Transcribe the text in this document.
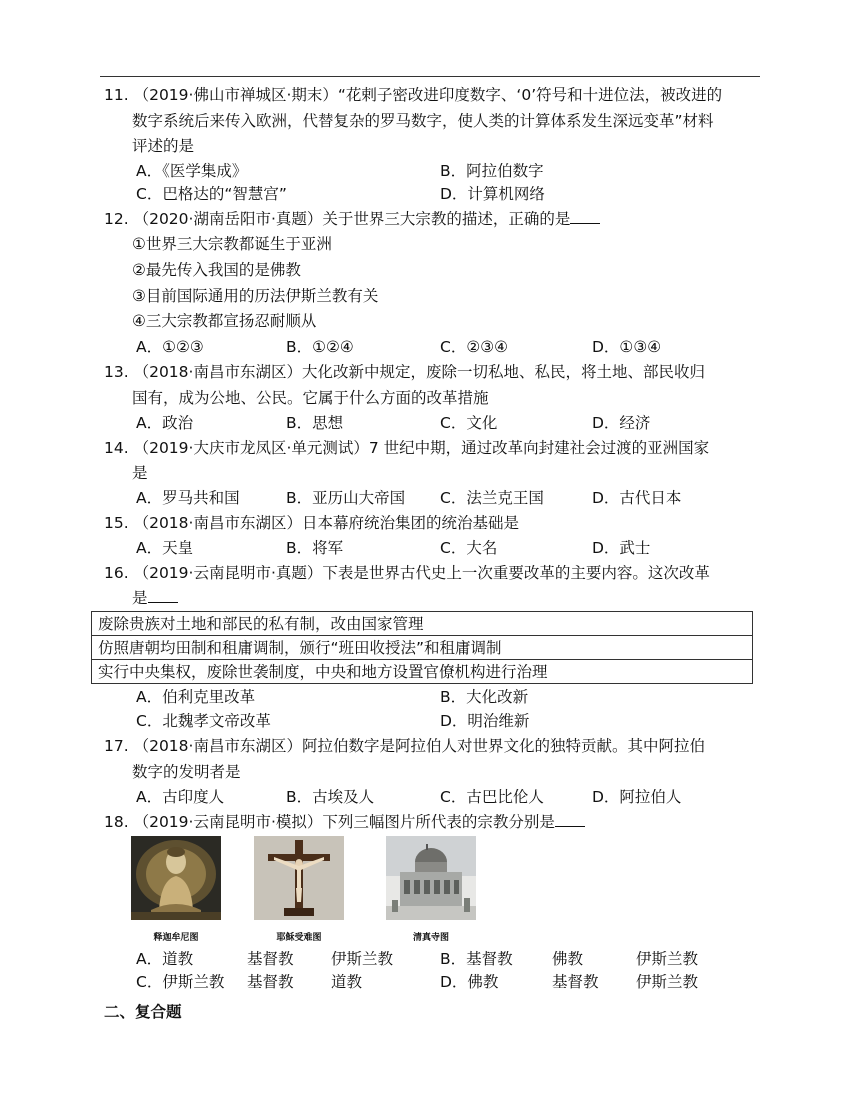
11. （2019·佛山市禅城区·期末）“花剌子密改进印度数字、‘0’符号和十进位法，被改进的
数字系统后来传入欧洲，代替复杂的罗马数字，使人类的计算体系发生深远变革”材料
评述的是
A．《医学集成》	B．阿拉伯数字
C．巴格达的“智慧宫”	D．计算机网络
12. （2020·湖南岳阳市·真题）关于世界三大宗教的描述，正确的是
①世界三大宗教都诞生于亚洲
②最先传入我国的是佛教
③目前国际通用的历法伊斯兰教有关
④三大宗教都宣扬忍耐顺从
A．①②③	B．①②④	C．②③④	D．①③④
13. （2018·南昌市东湖区）大化改新中规定，废除一切私地、私民，将土地、部民收归
国有，成为公地、公民。它属于什么方面的改革措施
A．政治	B．思想	C．文化	D．经济
14. （2019·大庆市龙凤区·单元测试）7 世纪中期，通过改革向封建社会过渡的亚洲国家
是
A．罗马共和国	B．亚历山大帝国 C．法兰克王国	D．古代日本
15. （2018·南昌市东湖区）日本幕府统治集团的统治基础是
A．天皇	B．将军	C．大名	D．武士
16. （2019·云南昆明市·真题）下表是世界古代史上一次重要改革的主要内容。这次改革
是
废除贵族对土地和部民的私有制，改由国家管理
仿照唐朝均田制和租庸调制，颁行“班田收授法”和租庸调制
实行中央集权，废除世袭制度，中央和地方设置官僚机构进行治理
A．伯利克里改革	B．大化改新
C．北魏孝文帝改革	D．明治维新
17. （2018·南昌市东湖区）阿拉伯数字是阿拉伯人对世界文化的独特贡献。其中阿拉伯
数字的发明者是
A．古印度人	B．古埃及人	C．古巴比伦人	D．阿拉伯人
18. （2019·云南昆明市·模拟）下列三幅图片所代表的宗教分别是
释迦牟尼图	耶稣受难图	清真寺图
A．道教	基督教 伊斯兰教	B．基督教	佛教	伊斯兰教
C．伊斯兰教 基督教 道教	D．佛教	基督教 伊斯兰教
二、复合题
